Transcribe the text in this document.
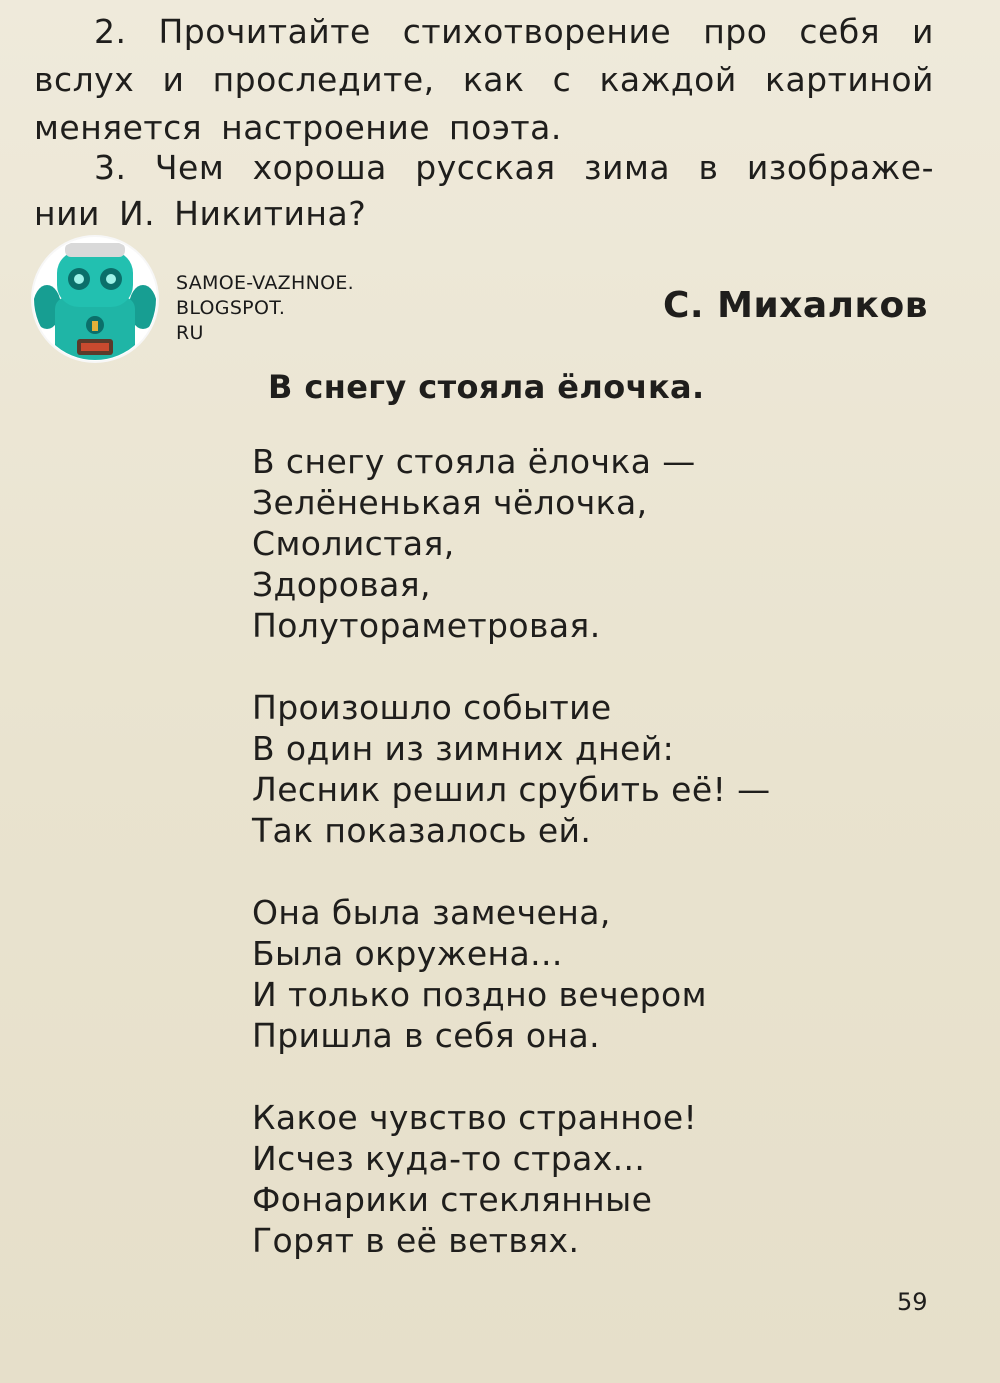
2. Прочитайте стихотворение про себя и
вслух и проследите, как с каждой картиной
меняется настроение поэта.
3. Чем хороша русская зима в изображе-
нии И. Никитина?
SAMOE-VAZHNOE.
BLOGSPOT.
RU
С. Михалков
В снегу стояла ёлочка.
В снегу стояла ёлочка —
Зелёненькая чёлочка,
Смолистая,
Здоровая,
Полутораметровая.
Произошло событие
В один из зимних дней:
Лесник решил срубить её! —
Так показалось ей.
Она была замечена,
Была окружена...
И только поздно вечером
Пришла в себя она.
Какое чувство странное!
Исчез куда-то страх...
Фонарики стеклянные
Горят в её ветвях.
59
